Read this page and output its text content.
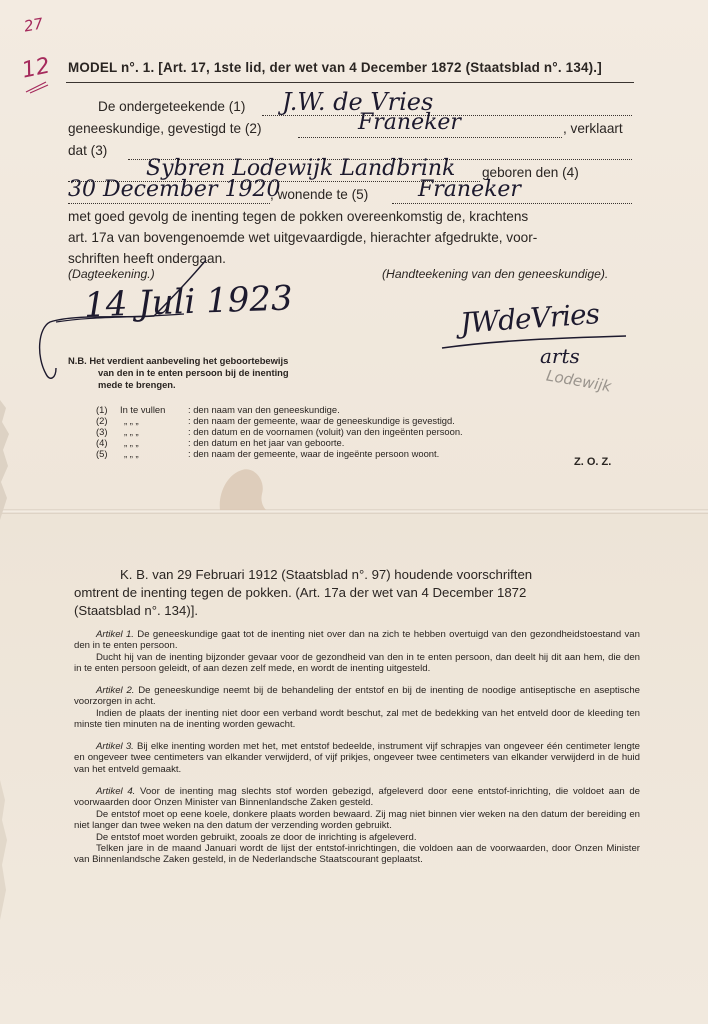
27
12 MODEL n°. 1. [Art. 17, 1ste lid, der wet van 4 December 1872 (Staatsblad n°. 134).]
De ondergeteekende (1) J.W. de Vries
geneeskundige, gevestigd te (2)	Franeker	, verklaart
dat (3)
Sybren Lodewijk Landbrink geboren den (4)
30 December 1920
, wonende te (5) Franeker
met goed gevolg de inenting tegen de pokken overeenkomstig de, krachtens
art. 17a van bovengenoemde wet uitgevaardigde, hierachter afgedrukte, voor-
schriften heeft ondergaan.
(Dagteekening.)	(Handteekening van den geneeskundige).
14 Juli 1923	JWdeVries
arts
Lodewijk
N.B. Het verdient aanbeveling het geboortebewijs
van den in te enten persoon bij de inenting
mede te brengen.
(1) In te vullen : den naam van den geneeskundige.
(2) „ „ „	: den naam der gemeente, waar de geneeskundige is gevestigd.
(3) „ „ „	: den datum en de voornamen (voluit) van den ingeënten persoon.
(4) „ „ „	: den datum en het jaar van geboorte.
(5) „ „ „	: den naam der gemeente, waar de ingeënte persoon woont.
Z. O. Z.
K. B. van 29 Februari 1912 (Staatsblad n°. 97) houdende voorschriften
omtrent de inenting tegen de pokken. (Art. 17a der wet van 4 December 1872
(Staatsblad n°. 134)].

Artikel 1. De geneeskundige gaat tot de inenting niet over dan na zich te hebben overtuigd van den gezondheidstoestand van den in te enten persoon.

Ducht hij van de inenting bijzonder gevaar voor de gezondheid van den in te enten persoon, dan deelt hij dit aan hem, die den in te enten persoon geleidt, of aan dezen zelf mede, en wordt de inenting uitgesteld.

Artikel 2. De geneeskundige neemt bij de behandeling der entstof en bij de inenting de noodige antiseptische en aseptische voorzorgen in acht.

Indien de plaats der inenting niet door een verband wordt beschut, zal met de bedekking van het entveld door de kleeding ten minste tien minuten na de inenting worden gewacht.

Artikel 3. Bij elke inenting worden met het, met entstof bedeelde, instrument vijf schrapjes van ongeveer één centimeter lengte en ongeveer twee centimeters van elkander verwijderd, of vijf prikjes, ongeveer twee centimeters van elkander verwijderd in de huid van het entveld gemaakt.

Artikel 4. Voor de inenting mag slechts stof worden gebezigd, afgeleverd door eene entstof-inrichting, die voldoet aan de voorwaarden door Onzen Minister van Binnenlandsche Zaken gesteld.

De entstof moet op eene koele, donkere plaats worden bewaard. Zij mag niet binnen vier weken na den datum der bereiding en niet langer dan twee weken na den datum der verzending worden gebruikt.

De entstof moet worden gebruikt, zooals ze door de inrichting is afgeleverd.

Telken jare in de maand Januari wordt de lijst der entstof-inrichtingen, die voldoen aan de voorwaarden, door Onzen Minister van Binnenlandsche Zaken gesteld, in de Nederlandsche Staatscourant geplaatst.
